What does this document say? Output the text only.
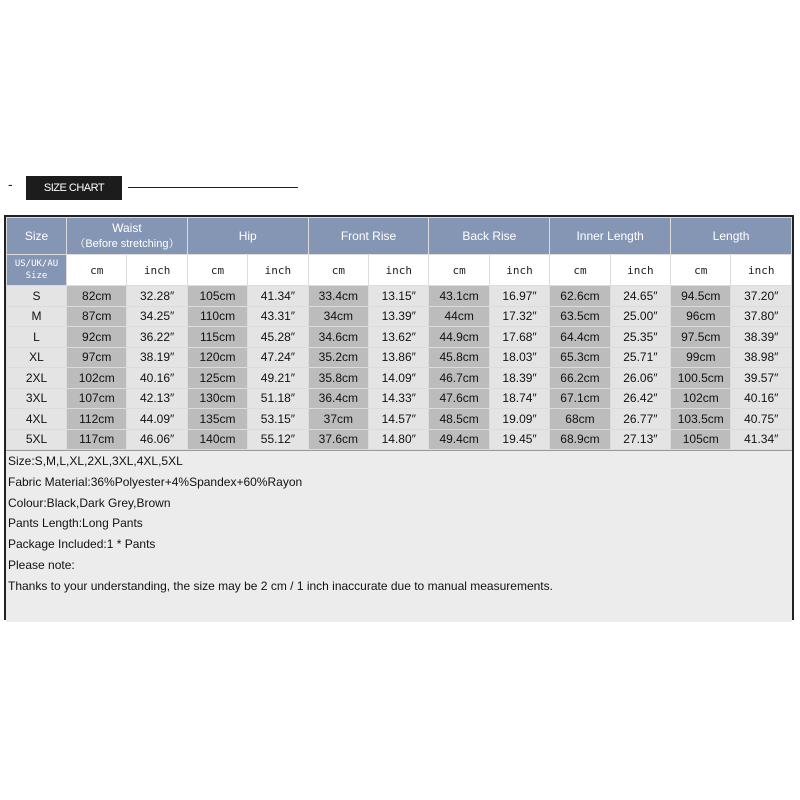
-	SIZE CHART
Size	Waist
（Before stretching）		Hip		Front Rise		Back Rise		Inner Length		Length	
US/UK/AU Size	cm	inch	cm	inch	cm	inch	cm	inch	cm	inch	cm	inch
S	82cm	32.28″	105cm	41.34″	33.4cm	13.15″	43.1cm	16.97″	62.6cm	24.65″	94.5cm	37.20″
M	87cm	34.25″	110cm	43.31″	34cm	13.39″	44cm	17.32″	63.5cm	25.00″	96cm	37.80″
L	92cm	36.22″	115cm	45.28″	34.6cm	13.62″	44.9cm	17.68″	64.4cm	25.35″	97.5cm	38.39″
XL	97cm	38.19″	120cm	47.24″	35.2cm	13.86″	45.8cm	18.03″	65.3cm	25.71″	99cm	38.98″
2XL	102cm	40.16″	125cm	49.21″	35.8cm	14.09″	46.7cm	18.39″	66.2cm	26.06″	100.5cm	39.57″
3XL	107cm	42.13″	130cm	51.18″	36.4cm	14.33″	47.6cm	18.74″	67.1cm	26.42″	102cm	40.16″
4XL	112cm	44.09″	135cm	53.15″	37cm	14.57″	48.5cm	19.09″	68cm	26.77″	103.5cm	40.75″
5XL	117cm	46.06″	140cm	55.12″	37.6cm	14.80″	49.4cm	19.45″	68.9cm	27.13″	105cm	41.34″
Size:S,M,L,XL,2XL,3XL,4XL,5XL
Fabric Material:36%Polyester+4%Spandex+60%Rayon
Colour:Black,Dark Grey,Brown
Pants Length:Long Pants
Package Included:1 * Pants
Please note:
Thanks to your understanding, the size may be 2 cm / 1 inch inaccurate due to manual measurements.
